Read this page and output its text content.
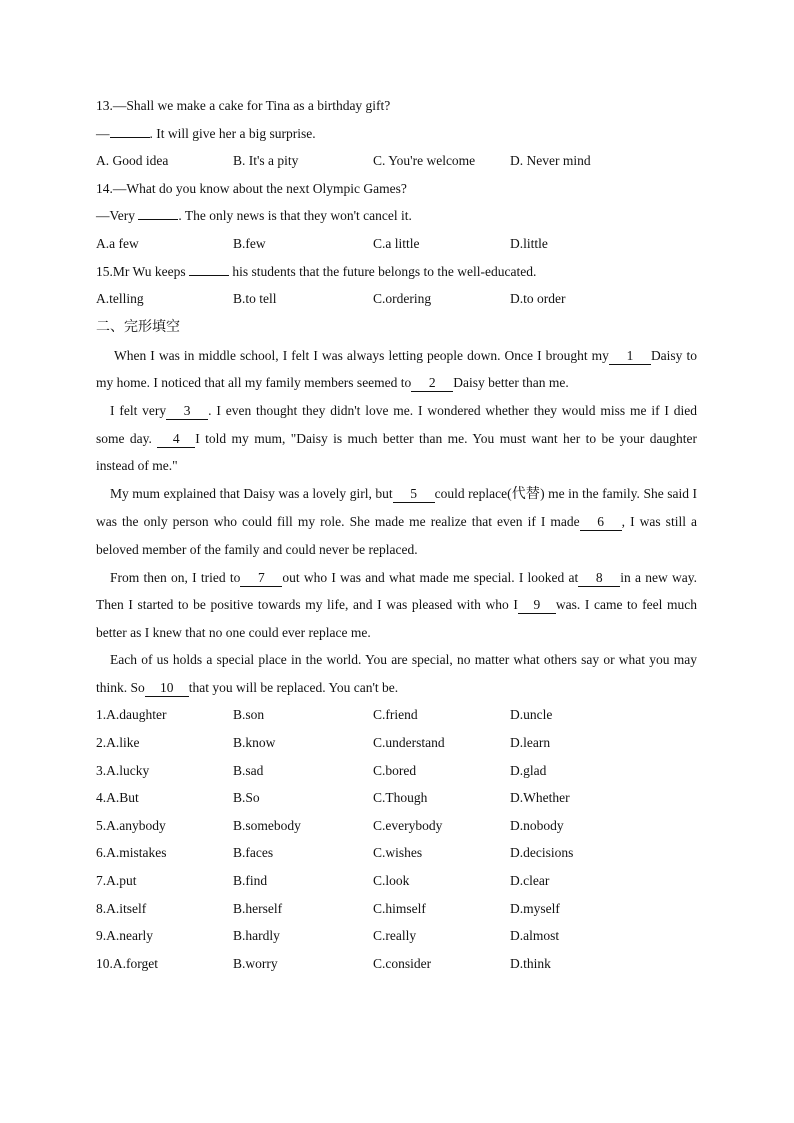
13.—Shall we make a cake for Tina as a birthday gift?
—	. It will give her a big surprise.
A. Good idea	B. It's a pity	C. You're welcome	D. Never mind
14.—What do you know about the next Olympic Games?
—Very	. The only news is that they won't cancel it.
A.a few	B.few	C.a little	D.little
15.Mr Wu keeps	his students that the future belongs to the well-educated.
A.telling	B.to tell	C.ordering	D.to order
二、完形填空

When I was in middle school, I felt I was always letting people down. Once I brought my 1 Daisy to my home. I noticed that all my family members seemed to 2 Daisy better than me.

I felt very 3 . I even thought they didn't love me. I wondered whether they would miss me if I died some day. 4 I told my mum, "Daisy is much better than me. You must want her to be your daughter instead of me."

My mum explained that Daisy was a lovely girl, but 5 could replace(代替) me in the family. She said I was the only person who could fill my role. She made me realize that even if I made 6 , I was still a beloved member of the family and could never be replaced.

From then on, I tried to 7 out who I was and what made me special. I looked at 8 in a new way. Then I started to be positive towards my life, and I was pleased with who I 9 was. I came to feel much better as I knew that no one could ever replace me.

Each of us holds a special place in the world. You are special, no matter what others say or what you may think. So 10 that you will be replaced. You can't be.

1.A.daughter	B.son	C.friend	D.uncle
2.A.like	B.know	C.understand	D.learn
3.A.lucky	B.sad	C.bored	D.glad
4.A.But	B.So	C.Though	D.Whether
5.A.anybody	B.somebody	C.everybody	D.nobody
6.A.mistakes	B.faces	C.wishes	D.decisions
7.A.put	B.find	C.look	D.clear
8.A.itself	B.herself	C.himself	D.myself
9.A.nearly	B.hardly	C.really	D.almost
10.A.forget	B.worry	C.consider	D.think
